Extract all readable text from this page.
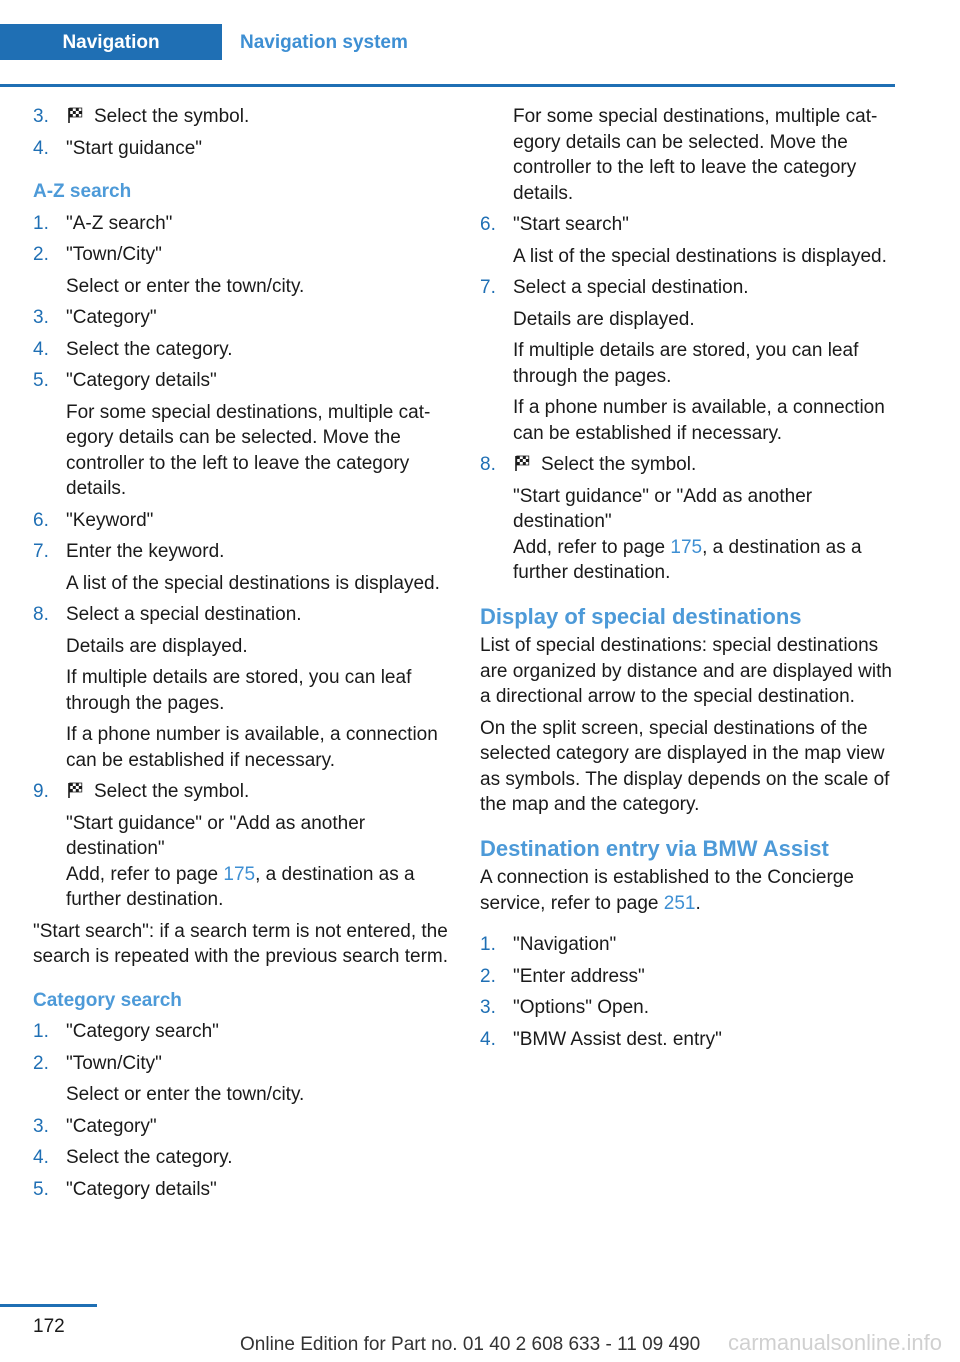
Navigation	Navigation system
3.	Select the symbol.
4. "Start guidance"
A-Z search
1. "A-Z search"
2. "Town/City"
Select or enter the town/city.
3. "Category"
4. Select the category.
5. "Category details"
For some special destinations, multiple category details can be selected. Move the controller to the left to leave the category details.
6. "Keyword"
7. Enter the keyword.
A list of the special destinations is displayed.
8. Select a special destination.
Details are displayed.
If multiple details are stored, you can leaf through the pages.
If a phone number is available, a connection can be established if necessary.
9.	Select the symbol.
"Start guidance" or "Add as another destination"
Add, refer to page 175, a destination as a further destination.
"Start search": if a search term is not entered, the search is repeated with the previous search term.
Category search
1. "Category search"
2. "Town/City"
Select or enter the town/city.
3. "Category"
4. Select the category.
5. "Category details"
For some special destinations, multiple category details can be selected. Move the controller to the left to leave the category details.
6. "Start search"
A list of the special destinations is displayed.
7. Select a special destination.
Details are displayed.
If multiple details are stored, you can leaf through the pages.
If a phone number is available, a connection can be established if necessary.
8.	Select the symbol.
"Start guidance" or "Add as another destination"
Add, refer to page 175, a destination as a further destination.
Display of special destinations
List of special destinations: special destinations are organized by distance and are displayed with a directional arrow to the special destination.
On the split screen, special destinations of the selected category are displayed in the map view as symbols. The display depends on the scale of the map and the category.
Destination entry via BMW Assist
A connection is established to the Concierge service, refer to page 251.
1. "Navigation"
2. "Enter address"
3. "Options" Open.
4. "BMW Assist dest. entry"
172
Online Edition for Part no. 01 40 2 608 633 - 11 09 490 carmanualsonline.info
